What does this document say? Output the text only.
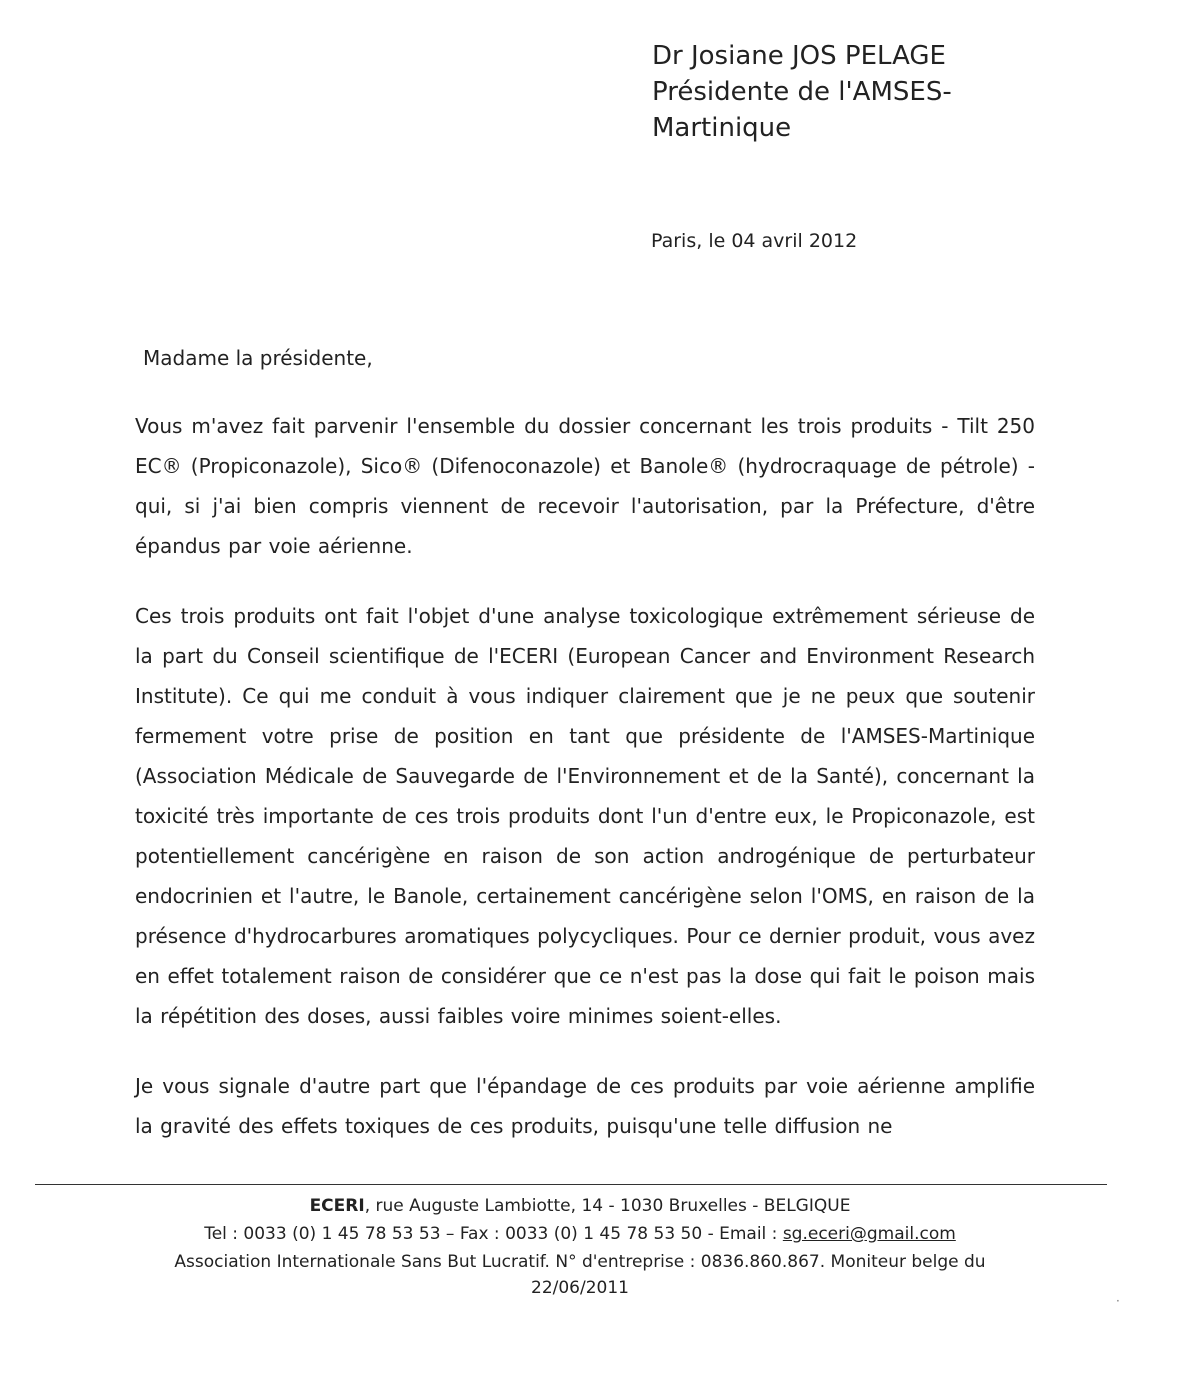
Dr Josiane JOS PELAGE
Présidente de l'AMSES-
Martinique
Paris, le 04 avril 2012
Madame la présidente,

Vous m'avez fait parvenir l'ensemble du dossier concernant les trois produits - Tilt 250 EC® (Propiconazole), Sico® (Difenoconazole) et Banole® (hydrocraquage de pétrole) - qui, si j'ai bien compris viennent de recevoir l'autorisation, par la Préfecture, d'être épandus par voie aérienne.

Ces trois produits ont fait l'objet d'une analyse toxicologique extrêmement sérieuse de la part du Conseil scientifique de l'ECERI (European Cancer and Environment Research Institute). Ce qui me conduit à vous indiquer clairement que je ne peux que soutenir fermement votre prise de position en tant que présidente de l'AMSES-Martinique (Association Médicale de Sauvegarde de l'Environnement et de la Santé), concernant la toxicité très importante de ces trois produits dont l'un d'entre eux, le Propiconazole, est potentiellement cancérigène en raison de son action androgénique de perturbateur endocrinien et l'autre, le Banole, certainement cancérigène selon l'OMS, en raison de la présence d'hydrocarbures aromatiques polycycliques. Pour ce dernier produit, vous avez en effet totalement raison de considérer que ce n'est pas la dose qui fait le poison mais la répétition des doses, aussi faibles voire minimes soient-elles.

Je vous signale d'autre part que l'épandage de ces produits par voie aérienne amplifie la gravité des effets toxiques de ces produits, puisqu'une telle diffusion ne

ECERI, rue Auguste Lambiotte, 14 - 1030 Bruxelles - BELGIQUE
Tel : 0033 (0) 1 45 78 53 53 – Fax : 0033 (0) 1 45 78 53 50 - Email : sg.eceri@gmail.com
Association Internationale Sans But Lucratif. N° d'entreprise : 0836.860.867. Moniteur belge du
22/06/2011
·
